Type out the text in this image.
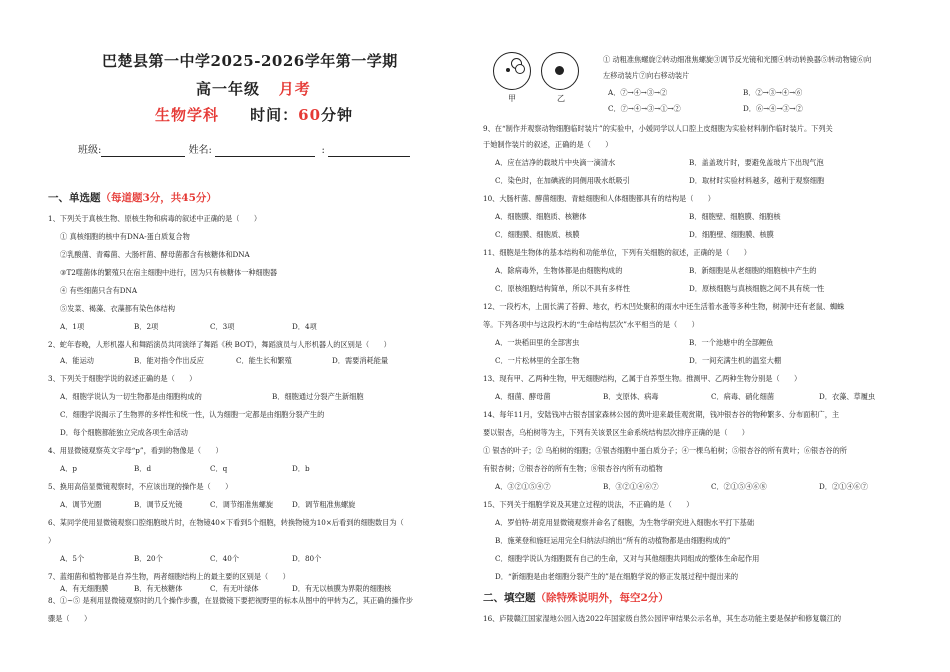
巴楚县第一中学2025-2026学年第一学期
高一年级 月考
生物学科 时间：60分钟
班级:	姓名:	:
一、单选题（每道题3分，共45分）
1、下列关于真核生物、原核生物和病毒的叙述中正确的是（　　）
① 真核细胞的核中有DNA-蛋白质复合物
②乳酸菌、青霉菌、大肠杆菌、酵母菌都含有核糖体和DNA
③T2噬菌体的繁殖只在宿主细胞中进行，因为只有核糖体一种细胞器
④ 有些细菌只含有DNA
⑤发菜、褐藻、衣藻都有染色体结构
A．1项	B．2项	C．3项	D．4项
2、蛇年春晚，人形机器人和舞蹈演员共同演绎了舞蹈《秧 BOT》，舞蹈演员与人形机器人的区别是（　　）
A．能运动	B．能对指令作出反应	C．能生长和繁殖	D．需要消耗能量
3、下列关于细胞学说的叙述正确的是（　　）
A．细胞学说认为一切生物都是由细胞构成的	B．细胞通过分裂产生新细胞
C．细胞学说揭示了生物界的多样性和统一性，认为细胞一定都是由细胞分裂产生的
D．每个细胞都能独立完成各项生命活动
4、用显微镜观察英文字母“p”，看到的物像是（　　）
A．p	B．d	C．q	D．b
5、换用高倍显微镜观察时，不应该出现的操作是（　　）
A．调节光圈	B．调节反光镜	C．调节细准焦螺旋	D．调节粗准焦螺旋
6、某同学使用显微镜观察口腔细胞玻片时，在物镜40×下看到5个细胞，转换物镜为10×后看到的细胞数目为（
）
A．5个	B．20个	C．40个	D．80个
7、蓝细菌和植物都是自养生物，两者细胞结构上的最主要的区别是（　　）
A．有无细胞膜	B．有无核糖体	C．有无叶绿体	D．有无以核膜为界限的细胞核
8、①~⑤ 是利用显微镜观察时的几个操作步骤，在显微镜下要把视野里的标本从图中的甲转为乙，其正确的操作步
骤是（　　）
甲	乙
① 动粗准焦螺旋②转动细准焦螺旋③调节反光镜和光圈④转动转换器⑤转动物镜⑥向
左移动装片⑦向右移动装片
A．⑦→④→③→②	B．②→③→④→⑥
C．⑦→④→③→①→②	D．⑥→④→③→②
9、在“制作并观察动物细胞临时装片”的实验中，小媛同学以人口腔上皮细胞为实验材料制作临时装片。下列关
于她制作装片的叙述，正确的是（　　）
A．应在洁净的载玻片中央滴一滴清水	B．盖盖玻片时，要避免盖玻片下出现气泡
C．染色时，在加碘液的同侧用吸水纸吸引	D．取材时实验材料越多，越利于观察细胞
10、大肠杆菌、酵菌细胞、青蛙细胞和人体细胞都具有的结构是（　　）
A．细胞膜、细胞质、核糖体	B．细胞壁、细胞膜、细胞核
C．细胞膜、细胞质、核膜	D．细胞壁、细胞膜、核膜
11、细胞是生物体的基本结构和功能单位，下列有关细胞的叙述，正确的是（　　）
A．除病毒外，生物体都是由细胞构成的	B．新细胞是从老细胞的细胞核中产生的
C．原核细胞结构简单，所以不具有多样性	D．原核细胞与真核细胞之间不具有统一性
12、一段朽木，上面长满了苔藓、地衣，朽木凹处聚积的雨水中还生活着水蚤等多种生物，树洞中还有老鼠、蜘蛛
等。下列各项中与这段朽木的“生命结构层次”水平相当的是（　　）
A．一块稻田里的全部害虫	B．一个池塘中的全部鲤鱼
C．一片松林里的全部生物	D．一间充满生机的温室大棚
13、现有甲、乙两种生物，甲无细胞结构，乙属于自养型生物。推测甲、乙两种生物分别是（　　）
A．细菌、酵母菌	B．支原体、病毒	C．病毒、硝化细菌	D．衣藻、草履虫
14、每年11月，安陆钱冲古银杏国家森林公园的黄叶迎来最佳观赏期，钱冲银杏谷的物种繁多、分布面积广，主
要以银杏，乌桕树等为主，下列有关该景区生命系统结构层次排序正确的是（　　）
① 银杏的叶子；② 乌桕树的细胞；③银杏细胞中蛋白质分子；④一棵乌桕树；⑤银杏谷的所有黄叶；⑥银杏谷的所
有银杏树；⑦银杏谷的所有生物；⑧银杏谷内所有动植物
A．③②①⑤④⑦	B．③②①④⑥⑦	C．②①⑤④⑥⑧	D．②①④⑥⑦
15、下列关于细胞学说及其建立过程的说法，不正确的是（　　）
A．罗伯特·胡克用显微镜观察并命名了细胞，为生物学研究进入细胞水平打下基础
B．施莱登和施旺运用完全归纳法归纳出“所有的动植物都是由细胞构成的”
C．细胞学说认为细胞既有自己的生命，又对与其他细胞共同组成的整体生命起作用
D．“新细胞是由老细胞分裂产生的”是在细胞学说的修正发展过程中提出来的
二、填空题（除特殊说明外，每空2分）
16、庐陵赣江国家湿地公园入选2022年国家级自然公园评审结果公示名单，其生态功能主要是保护和修复赣江的
